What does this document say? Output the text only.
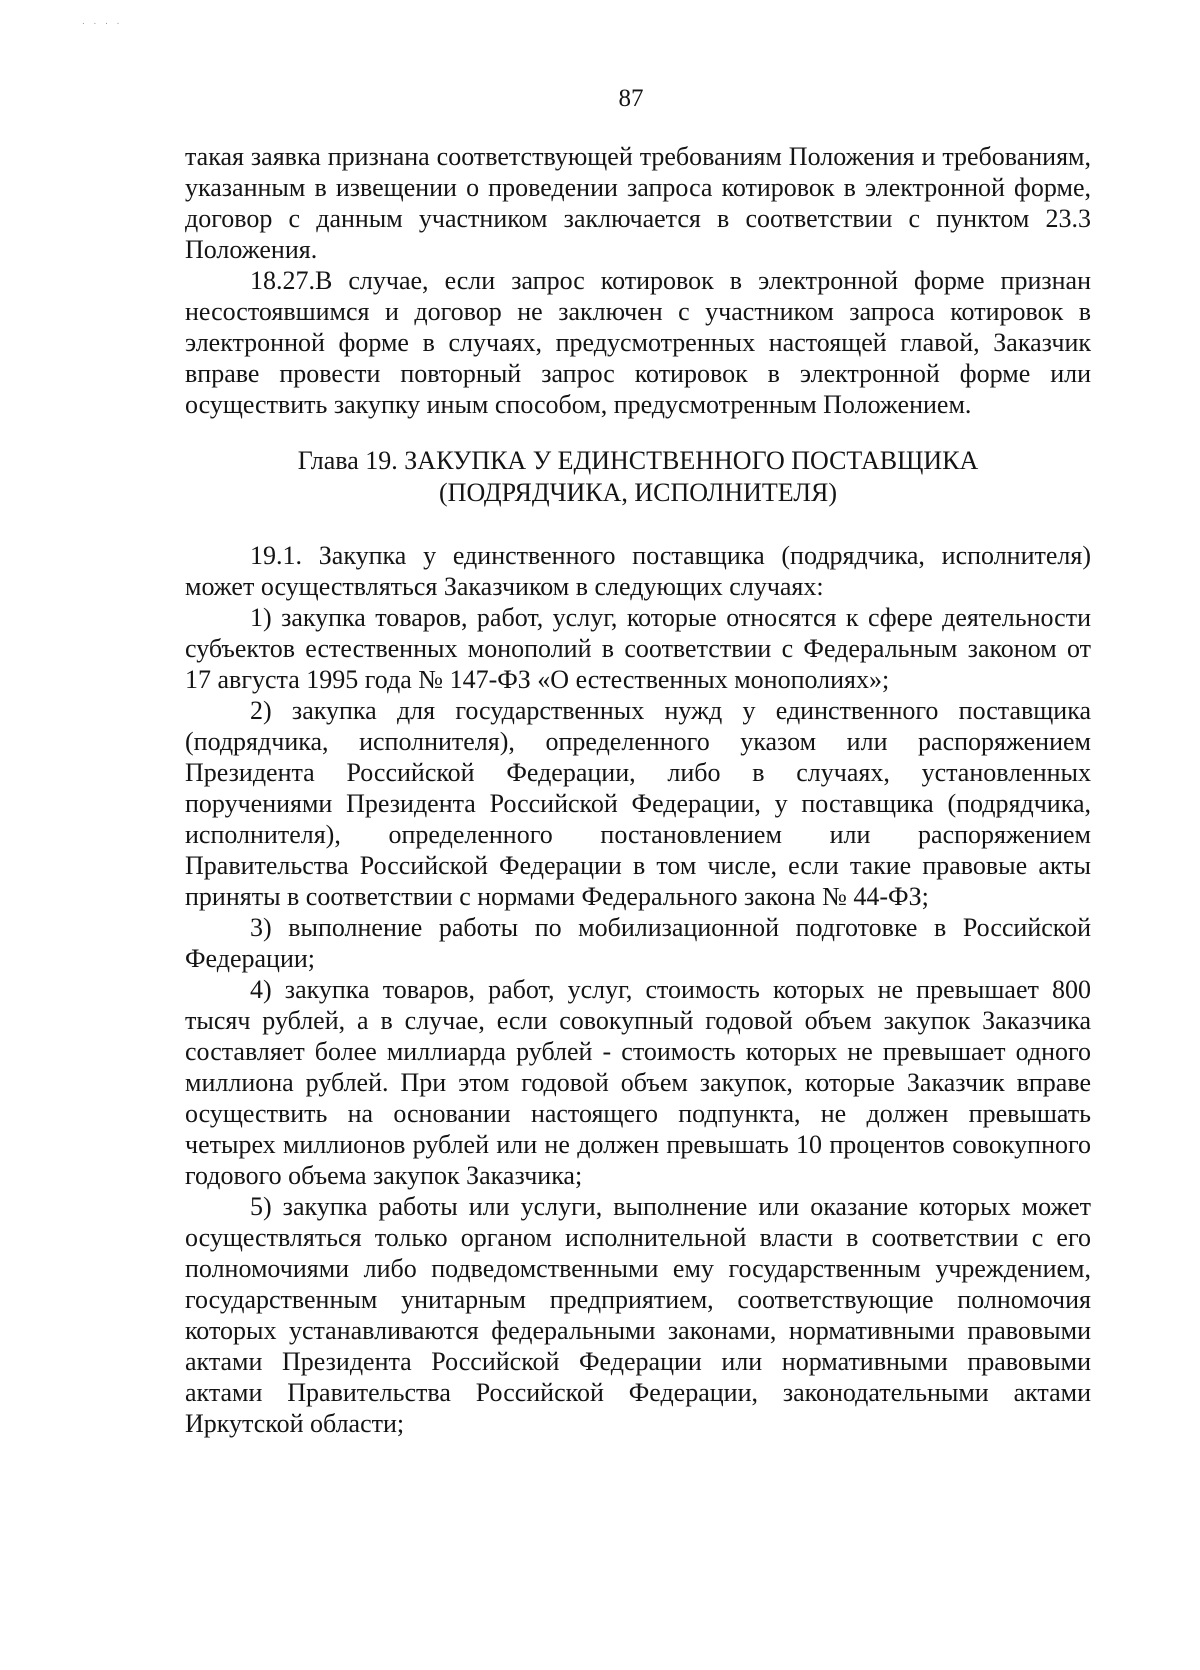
. . . .
87

такая заявка признана соответствующей требованиям Положения и требованиям, указанным в извещении о проведении запроса котировок в электронной форме, договор с данным участником заключается в соответствии с пунктом 23.3 Положения.

18.27.В случае, если запрос котировок в электронной форме признан несостоявшимся и договор не заключен с участником запроса котировок в электронной форме в случаях, предусмотренных настоящей главой, Заказчик вправе провести повторный запрос котировок в электронной форме или осуществить закупку иным способом, предусмотренным Положением.

Глава 19. ЗАКУПКА У ЕДИНСТВЕННОГО ПОСТАВЩИКА
(ПОДРЯДЧИКА, ИСПОЛНИТЕЛЯ)

19.1. Закупка у единственного поставщика (подрядчика, исполнителя) может осуществляться Заказчиком в следующих случаях:

1) закупка товаров, работ, услуг, которые относятся к сфере деятельности субъектов естественных монополий в соответствии с Федеральным законом от 17 августа 1995 года № 147-ФЗ «О естественных монополиях»;

2) закупка для государственных нужд у единственного поставщика (подрядчика, исполнителя), определенного указом или распоряжением Президента Российской Федерации, либо в случаях, установленных поручениями Президента Российской Федерации, у поставщика (подрядчика, исполнителя), определенного постановлением или распоряжением Правительства Российской Федерации в том числе, если такие правовые акты приняты в соответствии с нормами Федерального закона № 44-ФЗ;

3) выполнение работы по мобилизационной подготовке в Российской Федерации;

4) закупка товаров, работ, услуг, стоимость которых не превышает 800 тысяч рублей, а в случае, если совокупный годовой объем закупок Заказчика составляет более миллиарда рублей - стоимость которых не превышает одного миллиона рублей. При этом годовой объем закупок, которые Заказчик вправе осуществить на основании настоящего подпункта, не должен превышать четырех миллионов рублей или не должен превышать 10 процентов совокупного годового объема закупок Заказчика;

5) закупка работы или услуги, выполнение или оказание которых может осуществляться только органом исполнительной власти в соответствии с его полномочиями либо подведомственными ему государственным учреждением, государственным унитарным предприятием, соответствующие полномочия которых устанавливаются федеральными законами, нормативными правовыми актами Президента Российской Федерации или нормативными правовыми актами Правительства Российской Федерации, законодательными актами Иркутской области;
